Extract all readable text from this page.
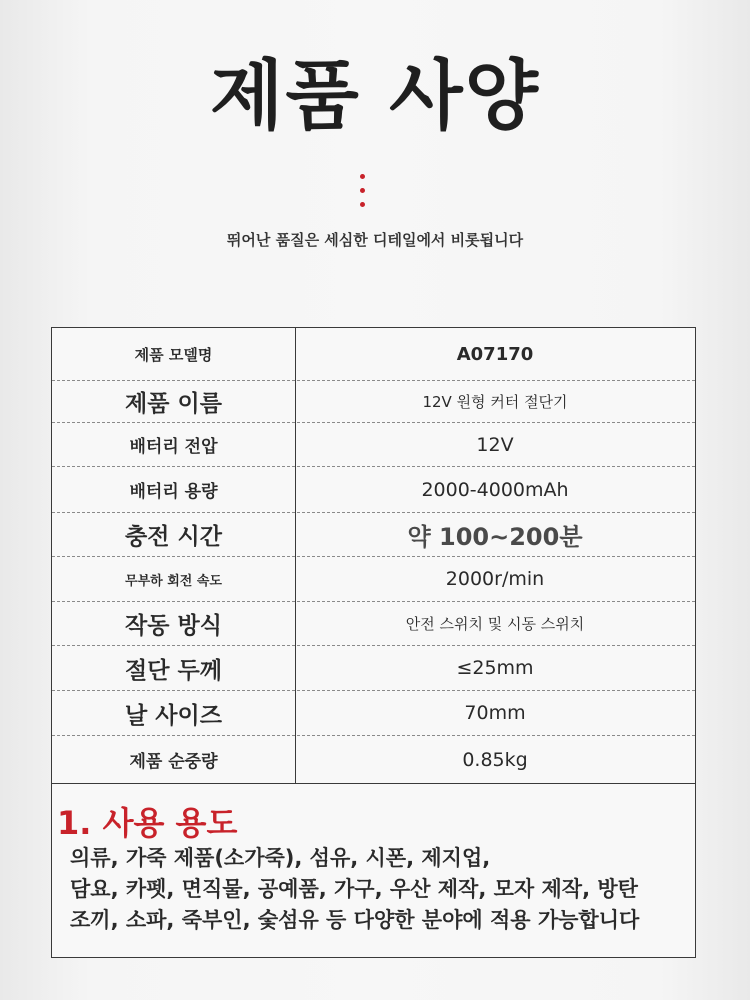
제품 사양
뛰어난 품질은 세심한 디테일에서 비롯됩니다
제품 모델명	A07170
제품 이름	12V 원형 커터 절단기
배터리 전압	12V
배터리 용량	2000-4000mAh
충전 시간	약 100~200분
무부하 회전 속도	2000r/min
작동 방식	안전 스위치 및 시동 스위치
절단 두께	≤25mm
날 사이즈	70mm
제품 순중량	0.85kg
1. 사용 용도
의류, 가죽 제품(소가죽), 섬유, 시폰, 제지업,
담요, 카펫, 면직물, 공예품, 가구, 우산 제작, 모자 제작, 방탄
조끼, 소파, 죽부인, 숯섬유 등 다양한 분야에 적용 가능합니다
